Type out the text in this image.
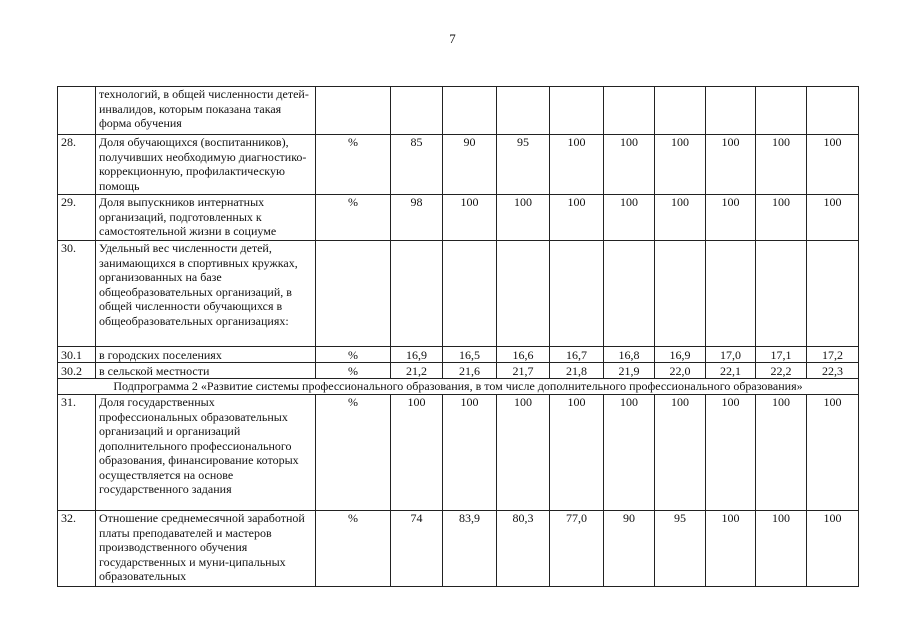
7
	технологий, в общей численности детей-инвалидов, которым показана такая форма обучения										
28.	Доля обучающихся (воспитанников), получивших необходимую диагностико-коррекционную, профилактическую помощь	%	85	90	95	100	100	100	100	100	100
29.	Доля выпускников интернатных организаций, подготовленных к самостоятельной жизни в социуме	%	98	100	100	100	100	100	100	100	100
30.	Удельный вес численности детей, занимающихся в спортивных кружках, организованных на базе общеобразовательных организаций, в общей численности обучающихся в общеобразовательных организациях:										
30.1	в городских поселениях	%	16,9	16,5	16,6	16,7	16,8	16,9	17,0	17,1	17,2
30.2	в сельской местности	%	21,2	21,6	21,7	21,8	21,9	22,0	22,1	22,2	22,3
Подпрограмма 2 «Развитие системы профессионального образования, в том числе дополнительного профессионального образования»											
31.	Доля государственных профессиональных образовательных организаций и организаций дополнительного профессионального образования, финансирование которых осуществляется на основе государственного задания	%	100	100	100	100	100	100	100	100	100
32.	Отношение среднемесячной заработной платы преподавателей и мастеров производственного обучения государственных и муни-ципальных образовательных	%	74	83,9	80,3	77,0	90	95	100	100	100
